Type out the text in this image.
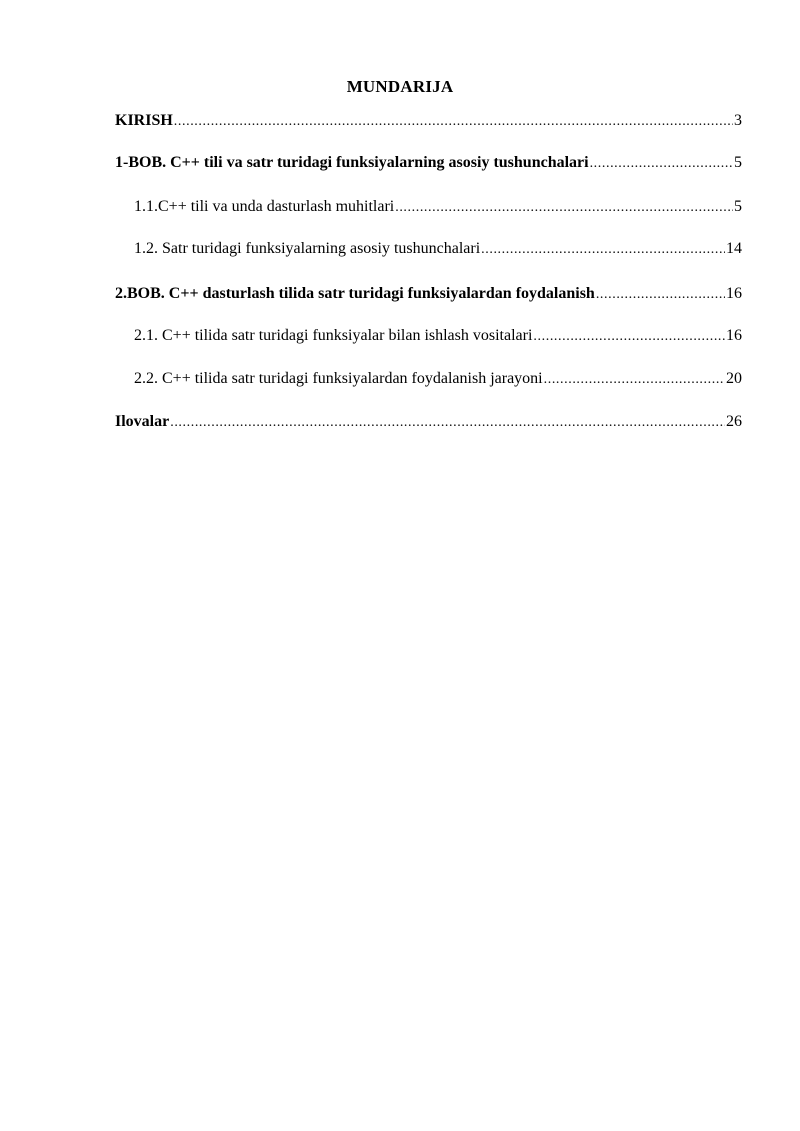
MUNDARIJA
KIRISH .....	3
1-BOB. C++ tili va satr turidagi funksiyalarning asosiy tushunchalari .....	5
1.1.C++ tili va unda dasturlash muhitlari .....	5
1.2. Satr turidagi funksiyalarning asosiy tushunchalari .....	14
2.BOB. C++ dasturlash tilida satr turidagi funksiyalardan foydalanish .....	16
2.1. C++ tilida satr turidagi funksiyalar bilan ishlash vositalari .....	16
2.2. C++ tilida satr turidagi funksiyalardan foydalanish jarayoni .....	20
Ilovalar .....	26
